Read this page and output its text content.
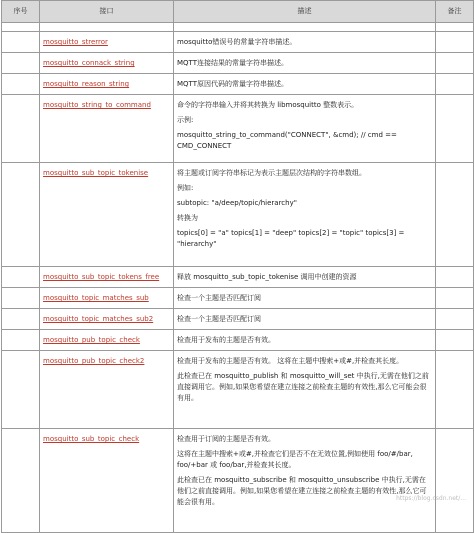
序号	接口	描述	备注

	mosquitto_strerror	mosquitto错误号的常量字符串描述。	

	mosquitto_connack_string	MQTT连接结果的常量字符串描述。	

	mosquitto_reason_string	MQTT原因代码的常量字符串描述。	

	mosquitto_string_to_command	命令的字符串输入并将其转换为 libmosquitto 整数表示。

示例:

mosquitto_string_to_command("CONNECT", &cmd); // cmd == CMD_CONNECT	

	mosquitto_sub_topic_tokenise	将主题或订阅字符串标记为表示主题层次结构的字符串数组。

例如:

subtopic: "a/deep/topic/hierarchy"

转换为

topics[0] = "a" topics[1] = "deep" topics[2] = "topic" topics[3] = "hierarchy"	

	mosquitto_sub_topic_tokens_free	释放 mosquitto_sub_topic_tokenise 调用中创建的资源	

	mosquitto_topic_matches_sub	检查一个主题是否匹配订阅	

	mosquitto_topic_matches_sub2	检查一个主题是否匹配订阅	

	mosquitto_pub_topic_check	检查用于发布的主题是否有效。	

	mosquitto_pub_topic_check2	检查用于发布的主题是否有效。 这将在主题中搜索+或#,并检查其长度。

此检查已在 mosquitto_publish 和 mosquitto_will_set 中执行,无需在他们之前直接调用它。例如,如果您希望在建立连接之前检查主题的有效性,那么它可能会很有用。	

	mosquitto_sub_topic_check	检查用于订阅的主题是否有效。

这将在主题中搜索+或#,并检查它们是否不在无效位置,例如使用 foo/#/bar, foo/+bar 或 foo/bar,并检查其长度。

此检查已在 mosquitto_subscribe 和 mosquitto_unsubscribe 中执行,无需在他们之前直接调用。例如,如果您希望在建立连接之前检查主题的有效性,那么它可能会很有用。	

		https://blog.csdn.net/...
